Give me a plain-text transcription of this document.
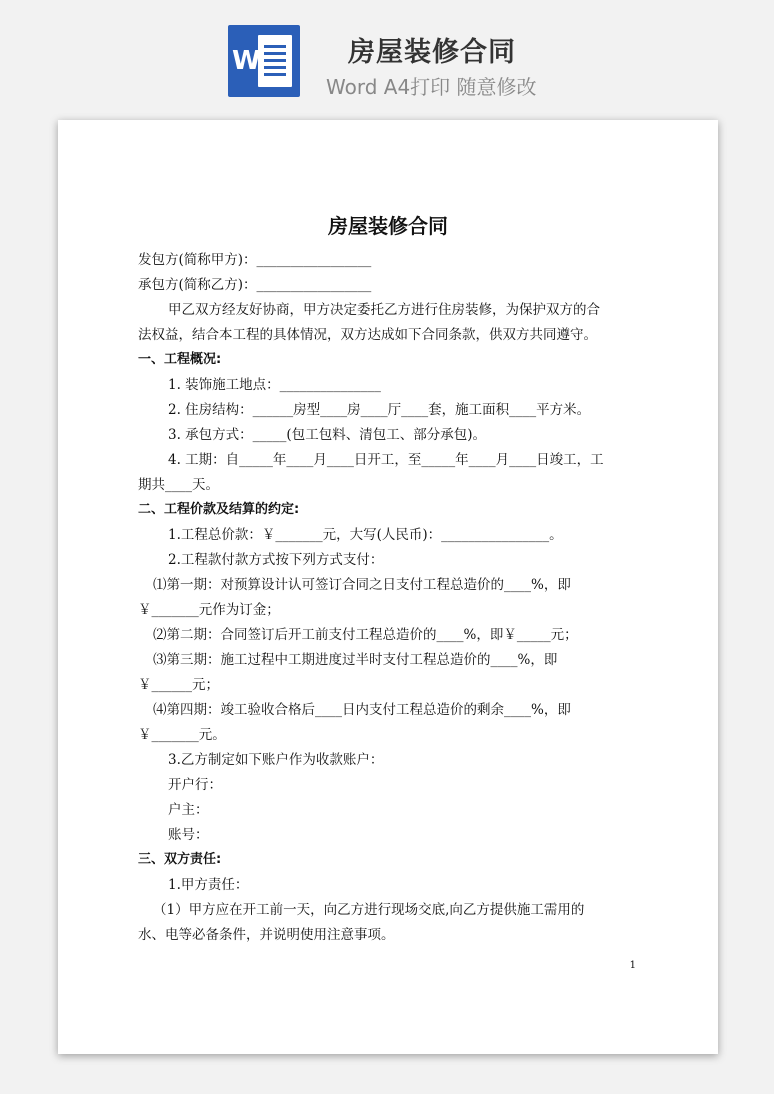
W	房屋装修合同
Word A4打印 随意修改
房屋装修合同
发包方(简称甲方)：_________________
承包方(简称乙方)：_________________
甲乙双方经友好协商，甲方决定委托乙方进行住房装修，为保护双方的合
法权益，结合本工程的具体情况，双方达成如下合同条款，供双方共同遵守。
一、工程概况:
1. 装饰施工地点：_______________
2. 住房结构：______房型____房____厅____套，施工面积____平方米。
3. 承包方式：_____(包工包料、清包工、部分承包)。
4. 工期：自_____年____月____日开工，至_____年____月____日竣工，工
期共____天。
二、工程价款及结算的约定:
1.工程总价款：￥_______元，大写(人民币)：________________。
2.工程款付款方式按下列方式支付：
⑴第一期：对预算设计认可签订合同之日支付工程总造价的____%，即
￥_______元作为订金；
⑵第二期：合同签订后开工前支付工程总造价的____%，即￥_____元；
⑶第三期：施工过程中工期进度过半时支付工程总造价的____%，即
￥______元；
⑷第四期：竣工验收合格后____日内支付工程总造价的剩余____%，即
￥_______元。
3.乙方制定如下账户作为收款账户：
开户行：
户主：
账号：
三、双方责任:
1.甲方责任：
（1）甲方应在开工前一天，向乙方进行现场交底,向乙方提供施工需用的
水、电等必备条件，并说明使用注意事项。
1
